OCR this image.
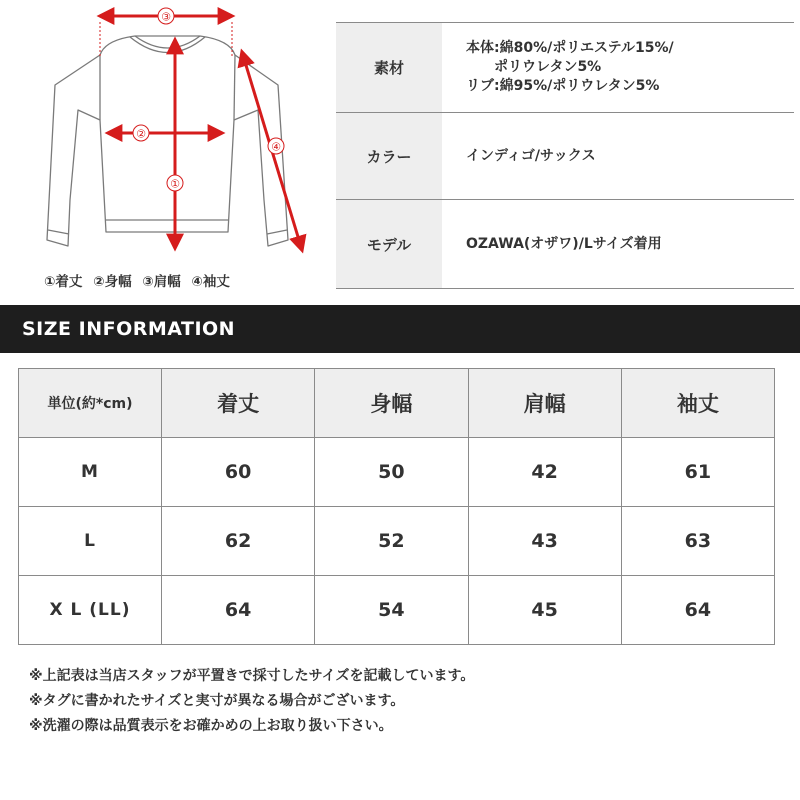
③
②
①
④
①着丈 ②身幅 ③肩幅 ④袖丈
素材	本体:綿80%/ポリエステル15%/
　　ポリウレタン5%
リブ:綿95%/ポリウレタン5%

カラー	インディゴ/サックス
モデル	OZAWA(オザワ)/Lサイズ着用
SIZE INFORMATION
単位(約*cm)	着丈	身幅	肩幅	袖丈
M	60	50	42	61
L	62	52	43	63
X L (LL)	64	54	45	64
※上記表は当店スタッフが平置きで採寸したサイズを記載しています。
※タグに書かれたサイズと実寸が異なる場合がございます。
※洗濯の際は品質表示をお確かめの上お取り扱い下さい。
